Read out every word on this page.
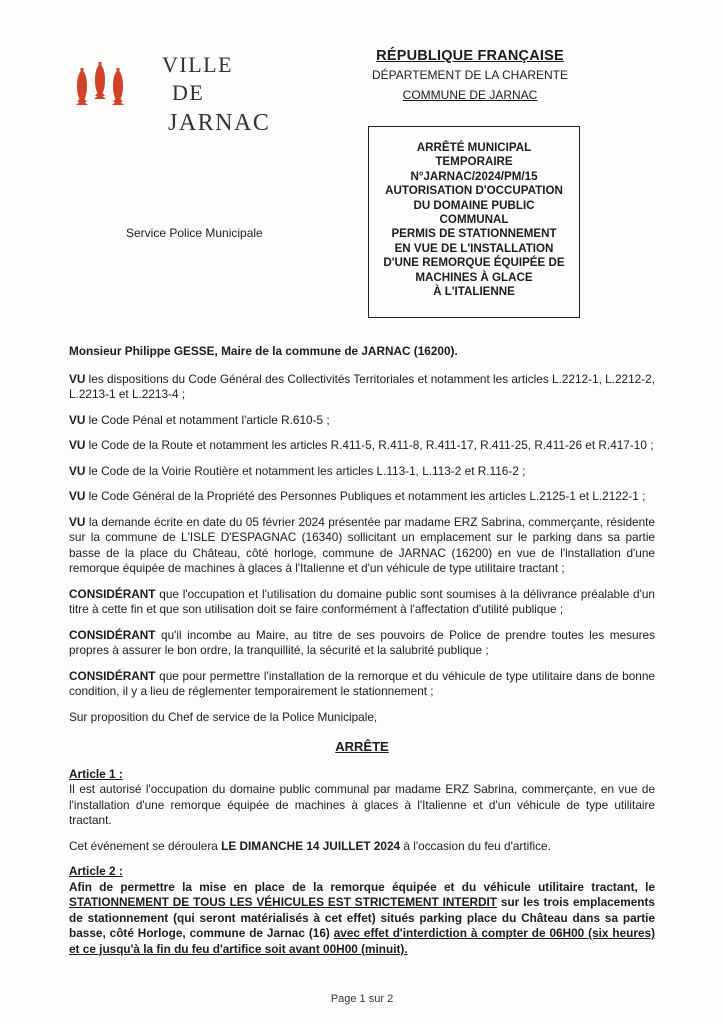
VILLE
DE
JARNAC
Service Police Municipale
RÉPUBLIQUE FRANÇAISE
DÉPARTEMENT DE LA CHARENTE
COMMUNE DE JARNAC
ARRÊTÉ MUNICIPAL
TEMPORAIRE
N°JARNAC/2024/PM/15
AUTORISATION D'OCCUPATION
DU DOMAINE PUBLIC
COMMUNAL
PERMIS DE STATIONNEMENT
EN VUE DE L'INSTALLATION
D'UNE REMORQUE ÉQUIPÉE DE
MACHINES À GLACE
À L'ITALIENNE

Monsieur Philippe GESSE, Maire de la commune de JARNAC (16200).

VU les dispositions du Code Général des Collectivités Territoriales et notamment les articles L.2212-1, L.2212-2, L.2213-1 et L.2213-4 ;

VU le Code Pénal et notamment l'article R.610-5 ;

VU le Code de la Route et notamment les articles R.411-5, R.411-8, R.411-17, R.411-25, R.411-26 et R.417-10 ;

VU le Code de la Voirie Routière et notamment les articles L.113-1, L.113-2 et R.116-2 ;

VU le Code Général de la Propriété des Personnes Publiques et notamment les articles L.2125-1 et L.2122-1 ;

VU la demande écrite en date du 05 février 2024 présentée par madame ERZ Sabrina, commerçante, résidente sur la commune de L'ISLE D'ESPAGNAC (16340) sollicitant un emplacement sur le parking dans sa partie basse de la place du Château, côté horloge, commune de JARNAC (16200) en vue de l'installation d'une remorque équipée de machines à glaces à l'Italienne et d'un véhicule de type utilitaire tractant ;

CONSIDÉRANT que l'occupation et l'utilisation du domaine public sont soumises à la délivrance préalable d'un titre à cette fin et que son utilisation doit se faire conformément à l'affectation d'utilité publique ;

CONSIDÉRANT qu'il incombe au Maire, au titre de ses pouvoirs de Police de prendre toutes les mesures propres à assurer le bon ordre, la tranquillité, la sécurité et la salubrité publique ;

CONSIDÉRANT que pour permettre l'installation de la remorque et du véhicule de type utilitaire dans de bonne condition, il y a lieu de réglementer temporairement le stationnement ;

Sur proposition du Chef de service de la Police Municipale,

ARRÊTE

Article 1 :

Il est autorisé l'occupation du domaine public communal par madame ERZ Sabrina, commerçante, en vue de l'installation d'une remorque équipée de machines à glaces à l'Italienne et d'un véhicule de type utilitaire tractant.

Cet événement se déroulera LE DIMANCHE 14 JUILLET 2024 à l'occasion du feu d'artifice.

Article 2 :

Afin de permettre la mise en place de la remorque équipée et du véhicule utilitaire tractant, le STATIONNEMENT DE TOUS LES VÉHICULES EST STRICTEMENT INTERDIT sur les trois emplacements de stationnement (qui seront matérialisés à cet effet) situés parking place du Château dans sa partie basse, côté Horloge, commune de Jarnac (16) avec effet d'interdiction à compter de 06H00 (six heures) et ce jusqu'à la fin du feu d'artifice soit avant 00H00 (minuit).

Page 1 sur 2
